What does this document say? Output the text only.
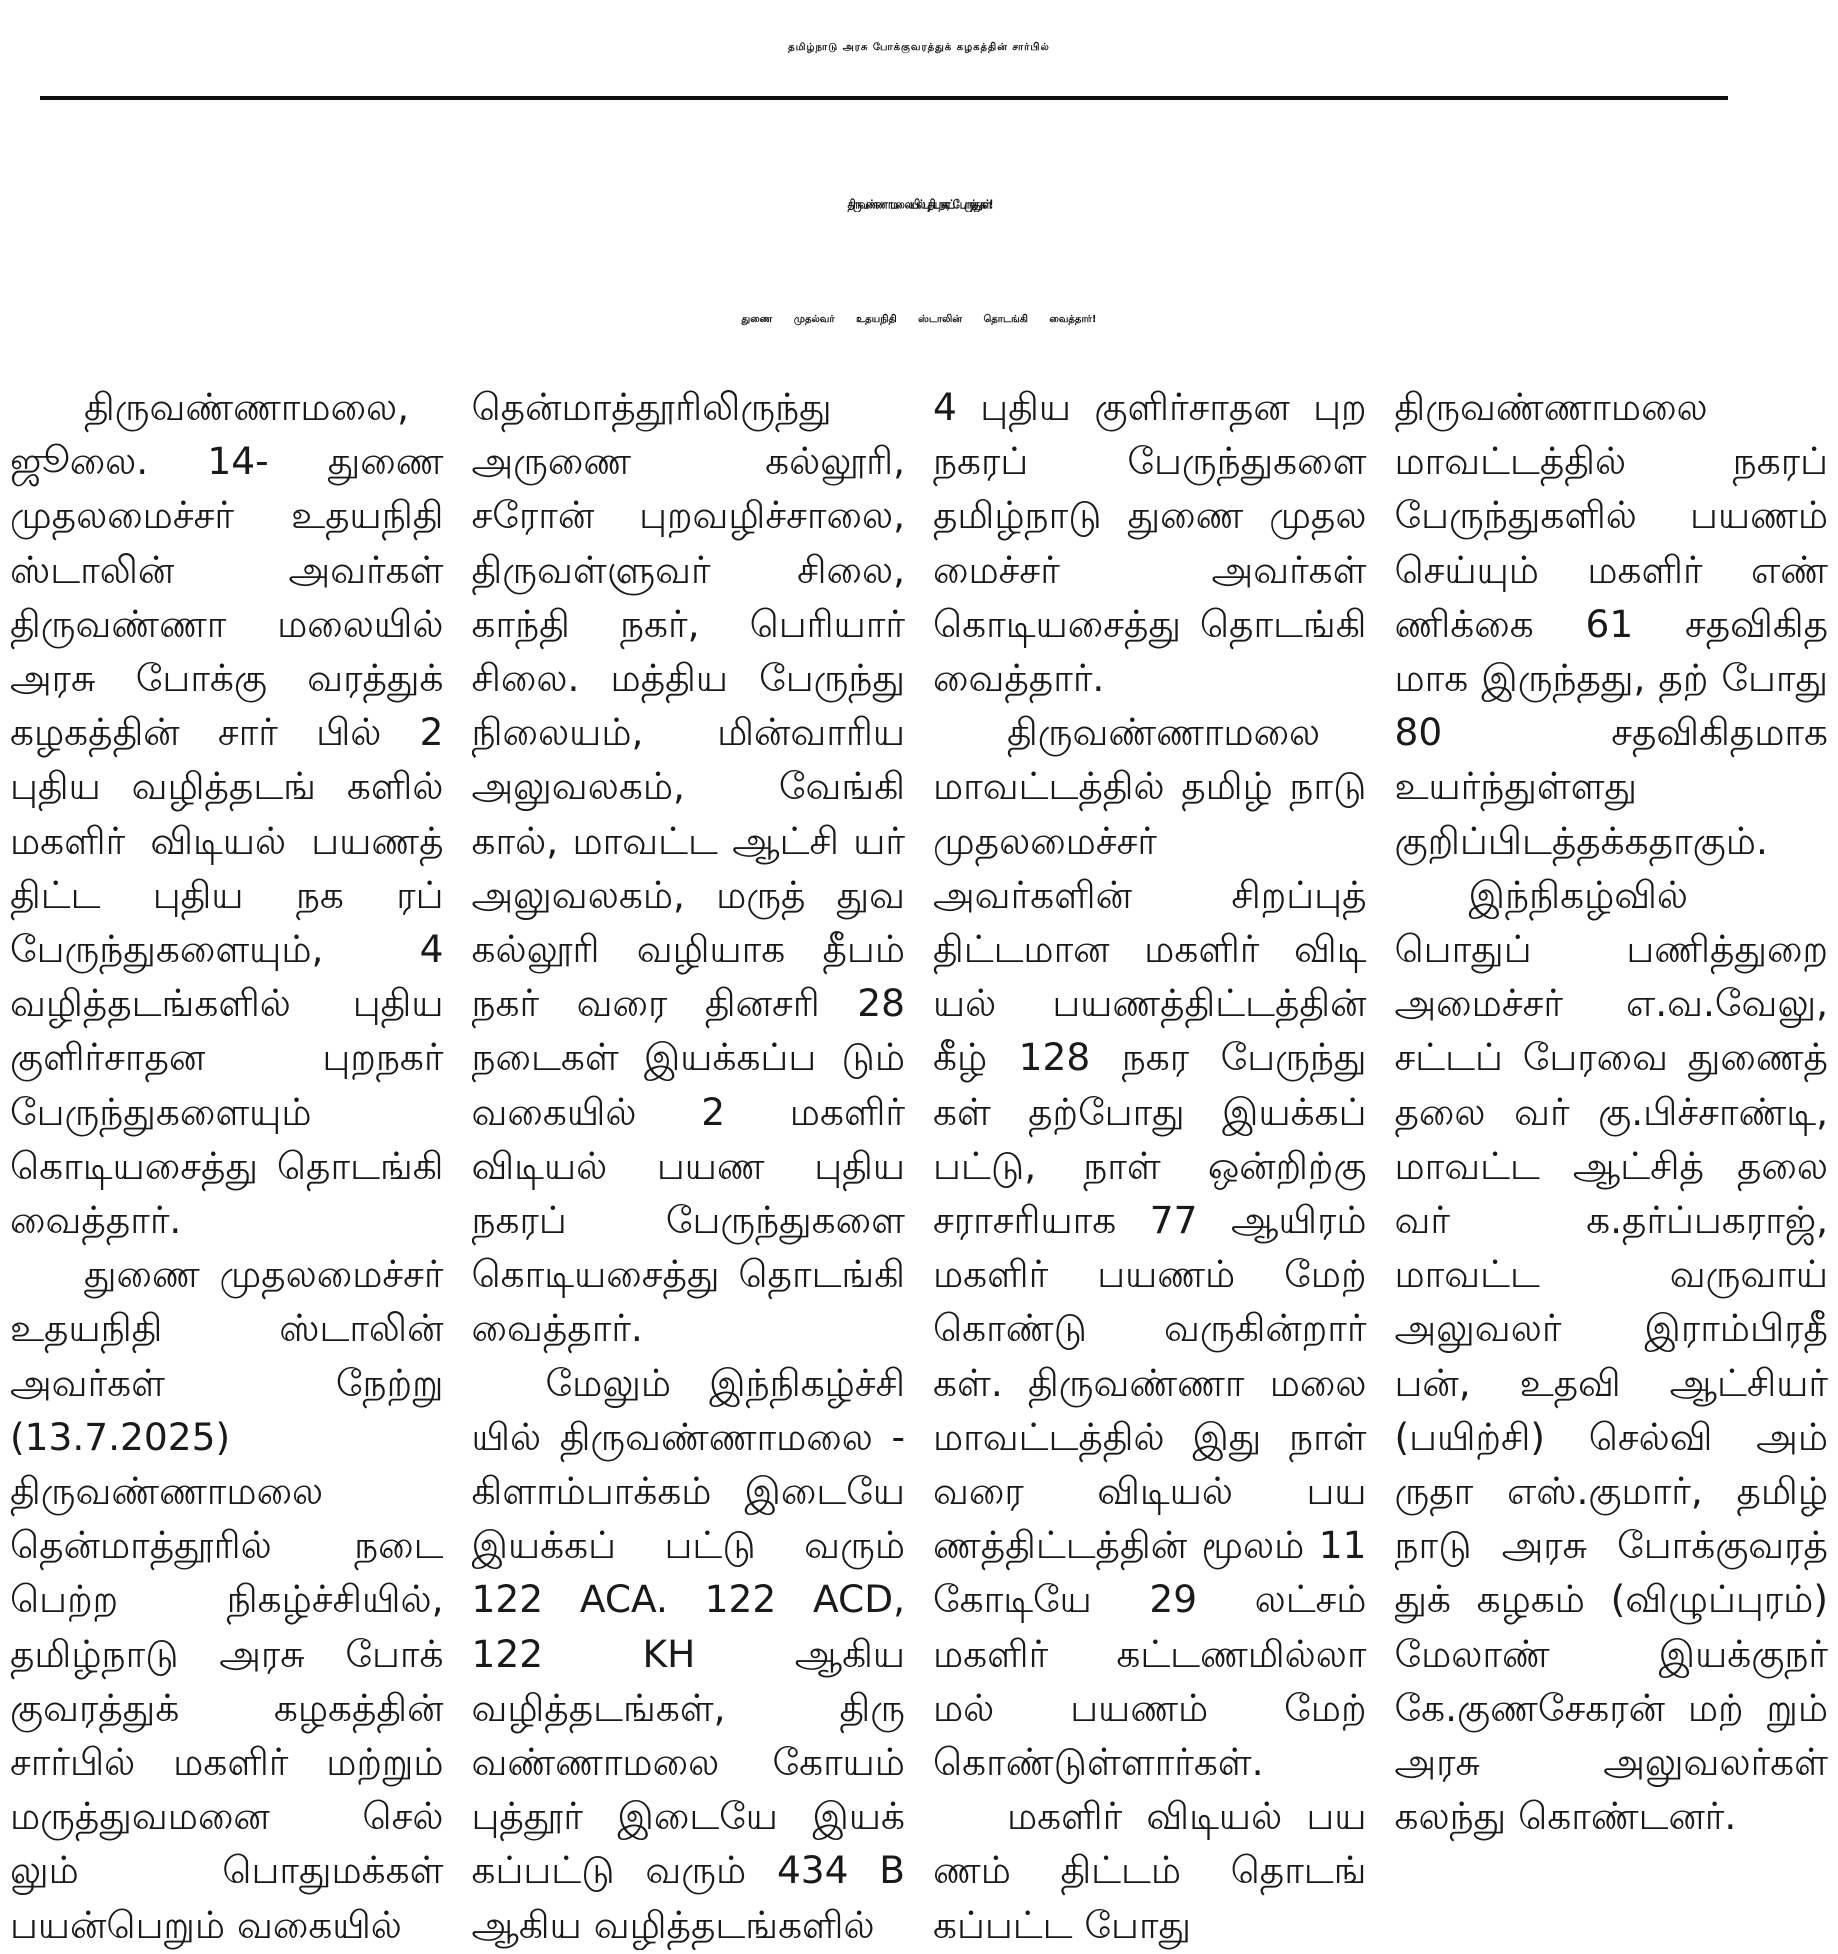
தமிழ்நாடு அரசு போக்குவரத்துக் கழகத்தின் சார்பில்
திருவண்ணாமலையில் புதிய நகரப் பேருந்துகள்!
துணை முதல்வர் உதயநிதி ஸ்டாலின் தொடங்கி வைத்தார்!

திருவண்ணாமலை, ஜூலை. 14- துணை முதலமைச்சர் உதயநிதி ஸ்டாலின் அவர்கள் திருவண்ணா மலையில் அரசு போக்கு வரத்துக் கழகத்தின் சார் பில் 2 புதிய வழித்தடங் களில் மகளிர் விடியல் பயணத் திட்ட புதிய நக ரப் பேருந்துகளையும், 4 வழித்தடங்களில் புதிய குளிர்சாதன புறநகர் பேருந்துகளையும் கொடியசைத்து தொடங்கி வைத்தார்.

துணை முதலமைச்சர் உதயநிதி ஸ்டாலின் அவர்கள் நேற்று (13.7.2025) திருவண்ணாமலை தென்மாத்தூரில் நடை பெற்ற நிகழ்ச்சியில், தமிழ்நாடு அரசு போக் குவரத்துக் கழகத்தின் சார்பில் மகளிர் மற்றும் மருத்துவமனை செல் லும் பொதுமக்கள் பயன்பெறும் வகையில்

தென்மாத்தூரிலிருந்து அருணை கல்லூரி, சரோன் புறவழிச்சாலை, திருவள்ளுவர் சிலை, காந்தி நகர், பெரியார் சிலை. மத்திய பேருந்து நிலையம், மின்வாரிய அலுவலகம், வேங்கி கால், மாவட்ட ஆட்சி யர் அலுவலகம், மருத் துவ கல்லூரி வழியாக தீபம் நகர் வரை தினசரி 28 நடைகள் இயக்கப்ப டும் வகையில் 2 மகளிர் விடியல் பயண புதிய நகரப் பேருந்துகளை கொடியசைத்து தொடங்கி வைத்தார்.

மேலும் இந்நிகழ்ச்சி யில் திருவண்ணாமலை - கிளாம்பாக்கம் இடையே இயக்கப் பட்டு வரும் 122 ACA. 122 ACD, 122 KH ஆகிய வழித்தடங்கள், திரு வண்ணாமலை கோயம் புத்தூர் இடையே இயக் கப்பட்டு வரும் 434 B ஆகிய வழித்தடங்களில்

4 புதிய குளிர்சாதன புற நகரப் பேருந்துகளை தமிழ்நாடு துணை முதல மைச்சர் அவர்கள் கொடியசைத்து தொடங்கி வைத்தார்.

திருவண்ணாமலை மாவட்டத்தில் தமிழ் நாடு முதலமைச்சர் அவர்களின் சிறப்புத் திட்டமான மகளிர் விடி யல் பயணத்திட்டத்தின் கீழ் 128 நகர பேருந்து கள் தற்போது இயக்கப் பட்டு, நாள் ஒன்றிற்கு சராசரியாக 77 ஆயிரம் மகளிர் பயணம் மேற் கொண்டு வருகின்றார் கள். திருவண்ணா மலை மாவட்டத்தில் இது நாள் வரை விடியல் பய ணத்திட்டத்தின் மூலம் 11 கோடியே 29 லட்சம் மகளிர் கட்டணமில்லா மல் பயணம் மேற் கொண்டுள்ளார்கள்.

மகளிர் விடியல் பய ணம் திட்டம் தொடங் கப்பட்ட போது

திருவண்ணாமலை மாவட்டத்தில் நகரப் பேருந்துகளில் பயணம் செய்யும் மகளிர் எண் ணிக்கை 61 சதவிகித மாக இருந்தது, தற் போது 80 சதவிகிதமாக உயர்ந்துள்ளது குறிப்பிடத்தக்கதாகும்.

இந்நிகழ்வில் பொதுப் பணித்துறை அமைச்சர் எ.வ.வேலு, சட்டப் பேரவை துணைத் தலை வர் கு.பிச்சாண்டி, மாவட்ட ஆட்சித் தலை வர் க.தர்ப்பகராஜ், மாவட்ட வருவாய் அலுவலர் இராம்பிரதீ பன், உதவி ஆட்சியர் (பயிற்சி) செல்வி அம் ருதா எஸ்.குமார், தமிழ் நாடு அரசு போக்குவரத் துக் கழகம் (விழுப்புரம்) மேலாண் இயக்குநர் கே.குணசேகரன் மற் றும் அரசு அலுவலர்கள் கலந்து கொண்டனர்.
